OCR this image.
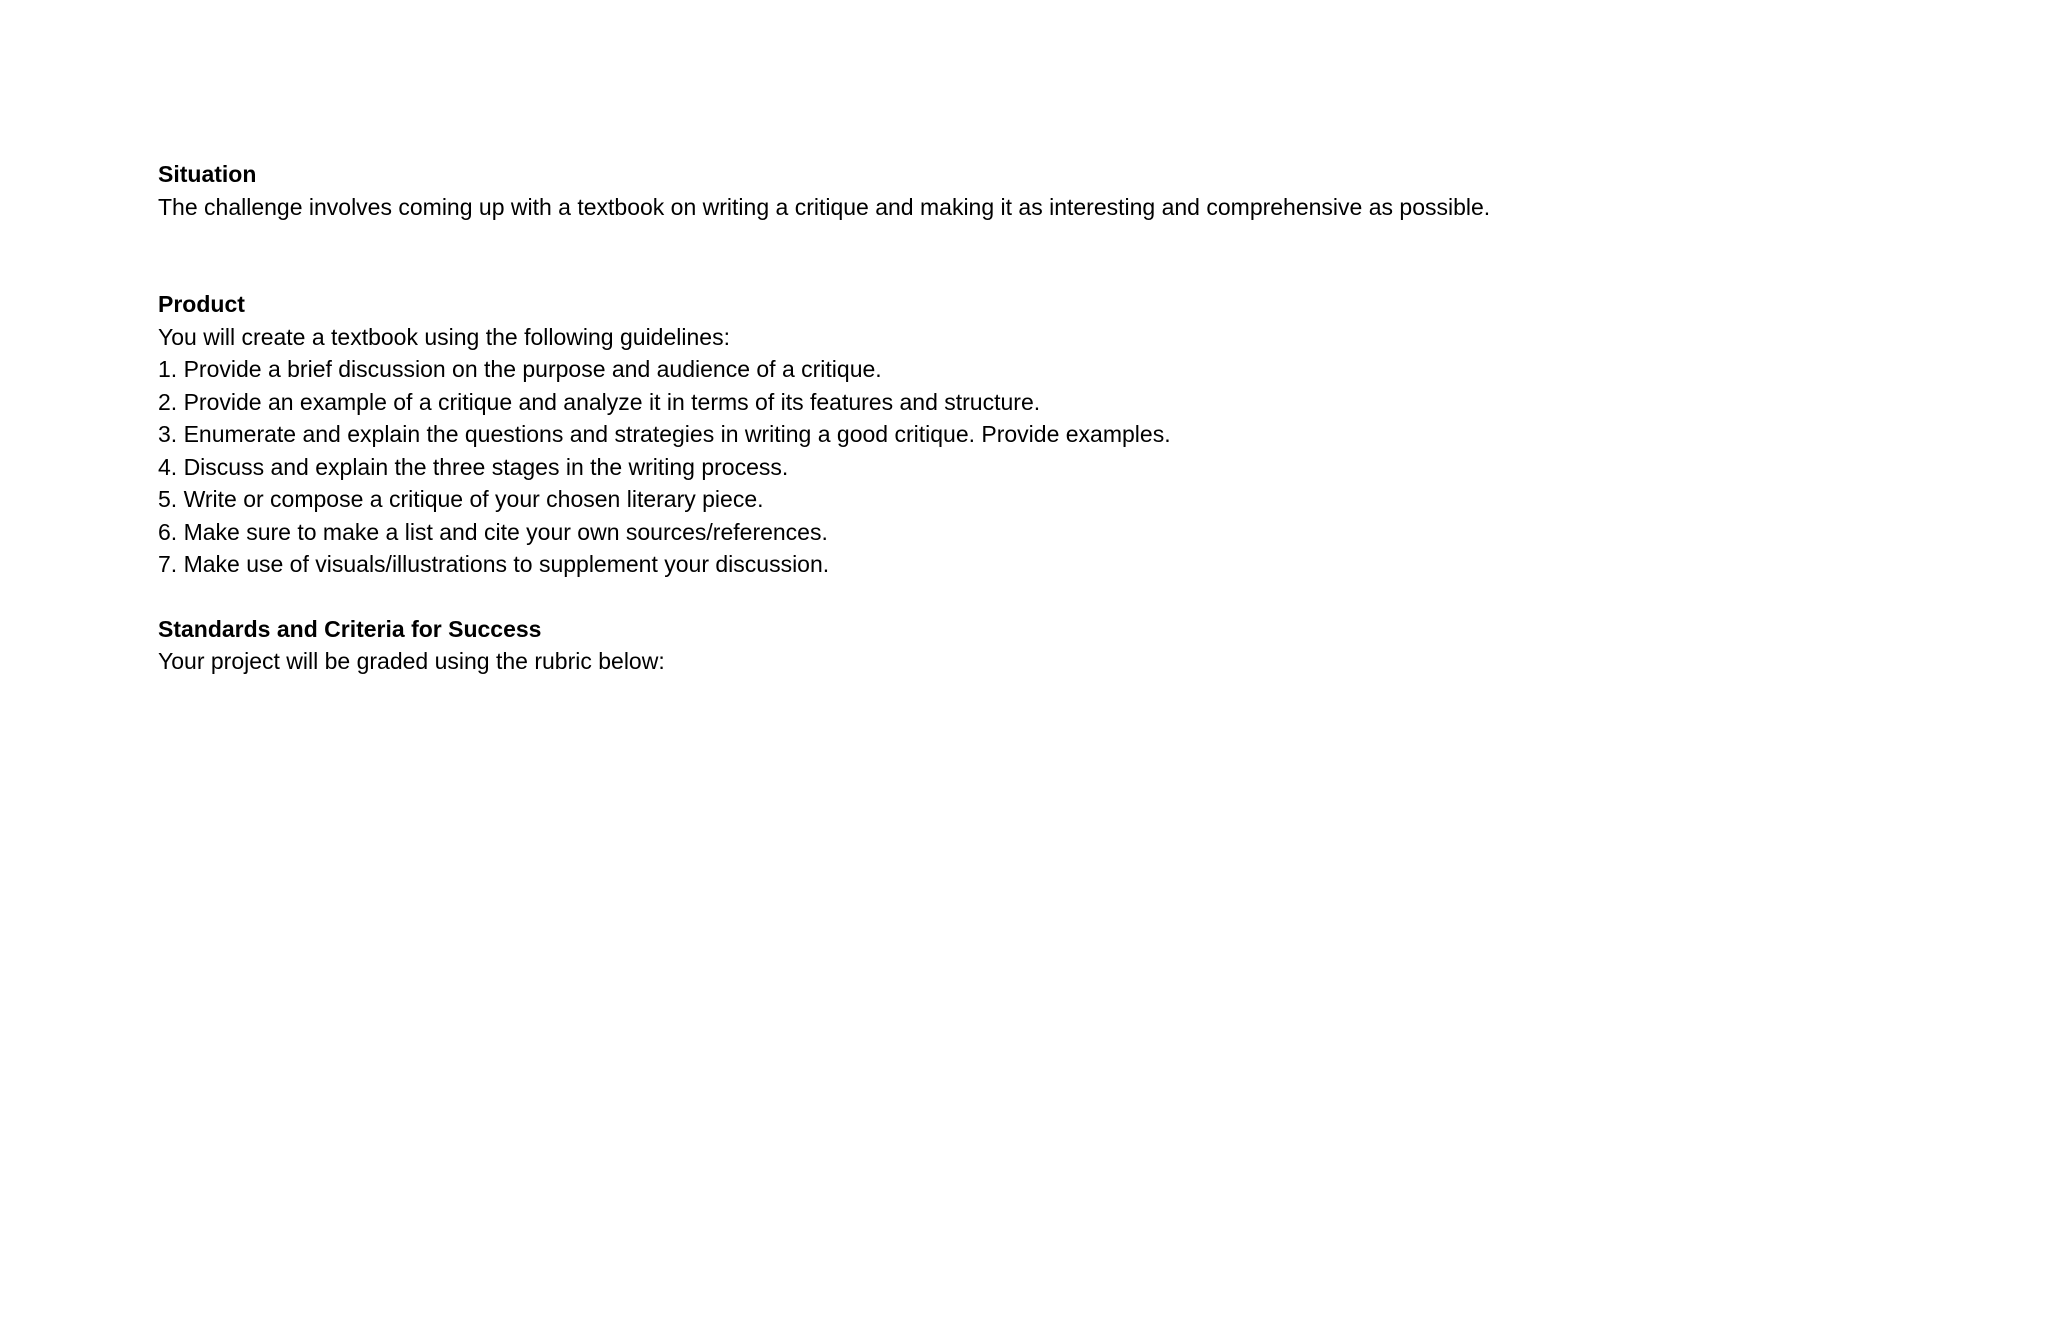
Situation

The challenge involves coming up with a textbook on writing a critique and making it as interesting and comprehensive as possible.

Product

You will create a textbook using the following guidelines:

1. Provide a brief discussion on the purpose and audience of a critique.
2. Provide an example of a critique and analyze it in terms of its features and structure.
3. Enumerate and explain the questions and strategies in writing a good critique. Provide examples.
4. Discuss and explain the three stages in the writing process.
5. Write or compose a critique of your chosen literary piece.
6. Make sure to make a list and cite your own sources/references.
7. Make use of visuals/illustrations to supplement your discussion.

Standards and Criteria for Success

Your project will be graded using the rubric below:
